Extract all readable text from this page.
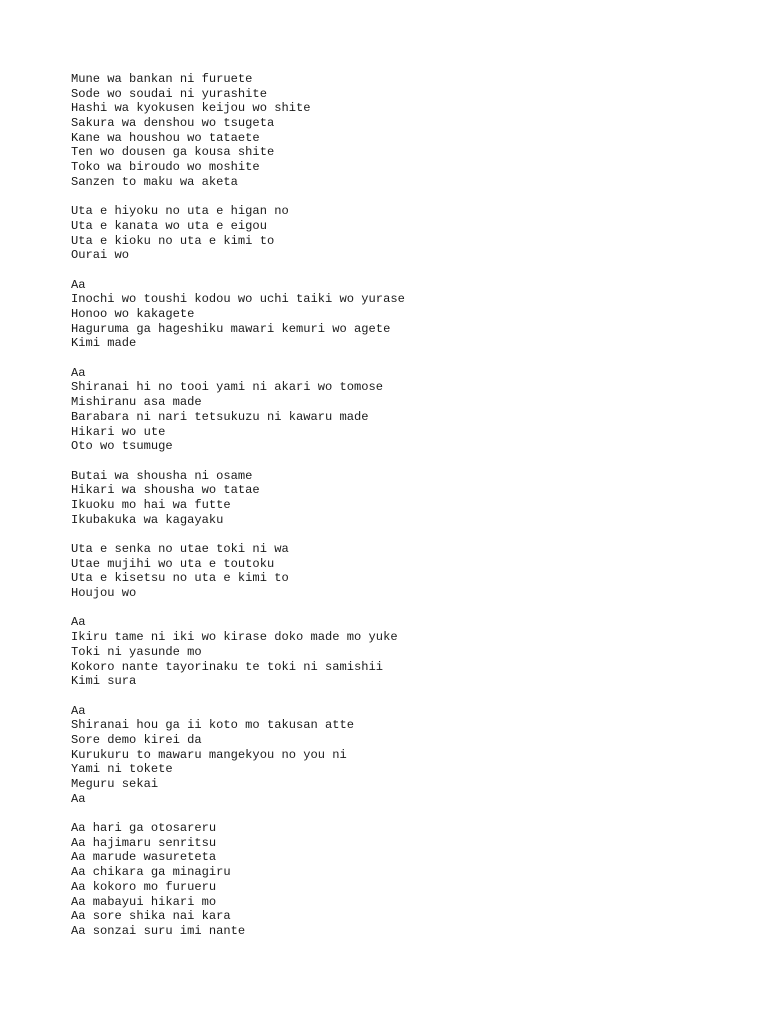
Mune wa bankan ni furuete
Sode wo soudai ni yurashite
Hashi wa kyokusen keijou wo shite
Sakura wa denshou wo tsugeta
Kane wa houshou wo tataete
Ten wo dousen ga kousa shite
Toko wa biroudo wo moshite
Sanzen to maku wa aketa
Uta e hiyoku no uta e higan no
Uta e kanata wo uta e eigou
Uta e kioku no uta e kimi to
Ourai wo
Aa
Inochi wo toushi kodou wo uchi taiki wo yurase
Honoo wo kakagete
Haguruma ga hageshiku mawari kemuri wo agete
Kimi made
Aa
Shiranai hi no tooi yami ni akari wo tomose
Mishiranu asa made
Barabara ni nari tetsukuzu ni kawaru made
Hikari wo ute
Oto wo tsumuge
Butai wa shousha ni osame
Hikari wa shousha wo tatae
Ikuoku mo hai wa futte
Ikubakuka wa kagayaku
Uta e senka no utae toki ni wa
Utae mujihi wo uta e toutoku
Uta e kisetsu no uta e kimi to
Houjou wo
Aa
Ikiru tame ni iki wo kirase doko made mo yuke
Toki ni yasunde mo
Kokoro nante tayorinaku te toki ni samishii
Kimi sura
Aa
Shiranai hou ga ii koto mo takusan atte
Sore demo kirei da
Kurukuru to mawaru mangekyou no you ni
Yami ni tokete
Meguru sekai
Aa
Aa hari ga otosareru
Aa hajimaru senritsu
Aa marude wasureteta
Aa chikara ga minagiru
Aa kokoro mo furueru
Aa mabayui hikari mo
Aa sore shika nai kara
Aa sonzai suru imi nante
